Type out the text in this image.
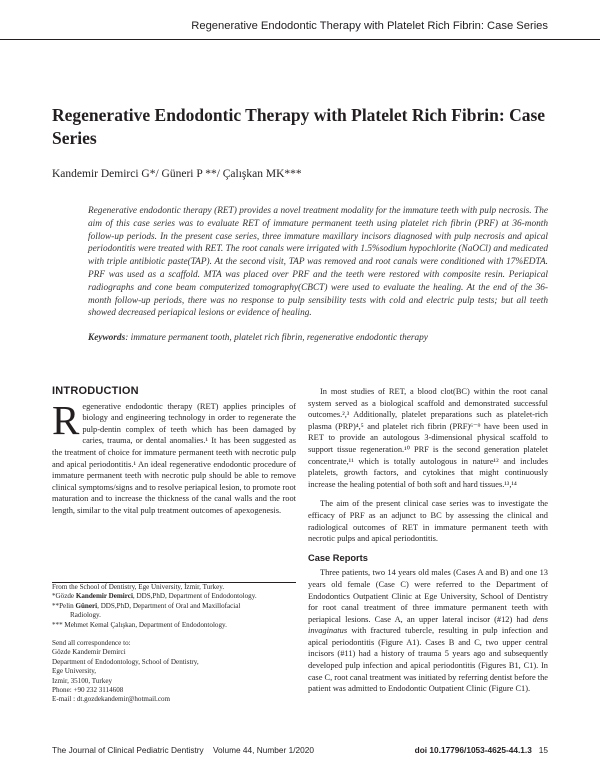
Regenerative Endodontic Therapy with Platelet Rich Fibrin: Case Series
Regenerative Endodontic Therapy with Platelet Rich Fibrin: Case Series
Kandemir Demirci G*/ Güneri P **/ Çalışkan MK***
Regenerative endodontic therapy (RET) provides a novel treatment modality for the immature teeth with pulp necrosis. The aim of this case series was to evaluate RET of immature permanent teeth using platelet rich fibrin (PRF) at 36-month follow-up periods. In the present case series, three immature maxillary incisors diagnosed with pulp necrosis and apical periodontitis were treated with RET. The root canals were irrigated with 1.5%sodium hypochlorite (NaOCl) and medicated with triple antibiotic paste(TAP). At the second visit, TAP was removed and root canals were conditioned with 17%EDTA. PRF was used as a scaffold. MTA was placed over PRF and the teeth were restored with composite resin. Periapical radiographs and cone beam computerized tomography(CBCT) were used to evaluate the healing. At the end of the 36-month follow-up periods, there was no response to pulp sensibility tests with cold and electric pulp tests; but all teeth showed decreased periapical lesions or evidence of healing.
Keywords: immature permanent tooth, platelet rich fibrin, regenerative endodontic therapy
INTRODUCTION

Regenerative endodontic therapy (RET) applies principles of biology and engineering technology in order to regenerate the pulp-dentin complex of teeth which has been damaged by caries, trauma, or dental anomalies.¹ It has been suggested as the treatment of choice for immature permanent teeth with necrotic pulp and apical periodontitis.¹ An ideal regenerative endodontic procedure of immature permanent teeth with necrotic pulp should be able to remove clinical symptoms/signs and to resolve periapical lesion, to promote root maturation and to increase the thickness of the canal walls and the root length, similar to the vital pulp treatment outcomes of apexogenesis.

In most studies of RET, a blood clot(BC) within the root canal system served as a biological scaffold and demonstrated successful outcomes.²,³ Additionally, platelet preparations such as platelet-rich plasma (PRP)⁴,⁵ and platelet rich fibrin (PRF)⁶⁻⁹ have been used in RET to provide an autologous 3-dimensional physical scaffold to support tissue regeneration.¹⁰ PRF is the second generation platelet concentrate,¹¹ which is totally autologous in nature¹² and includes platelets, growth factors, and cytokines that might continuously increase the healing potential of both soft and hard tissues.¹³,¹⁴

The aim of the present clinical case series was to investigate the efficacy of PRF as an adjunct to BC by assessing the clinical and radiological outcomes of RET in immature permanent teeth with necrotic pulps and apical periodontitis.

Case Reports

Three patients, two 14 years old males (Cases A and B) and one 13 years old female (Case C) were referred to the Department of Endodontics Outpatient Clinic at Ege University, School of Dentistry for root canal treatment of three immature permanent teeth with periapical lesions. Case A, an upper lateral incisor (#12) had dens invaginatus with fractured tubercle, resulting in pulp infection and apical periodontitis (Figure A1). Cases B and C, two upper central incisors (#11) had a history of trauma 5 years ago and subsequently developed pulp infection and apical periodontitis (Figures B1, C1). In case C, root canal treatment was initiated by referring dentist before the patient was admitted to Endodontic Outpatient Clinic (Figure C1).

From the School of Dentistry, Ege University, İzmir, Turkey.
*Gözde Kandemir Demirci, DDS,PhD, Department of Endodontology.
**Pelin Güneri, DDS,PhD, Department of Oral and Maxillofacial
Radiology.
*** Mehmet Kemal Çalışkan, Department of Endodontology.
Send all correspondence to:
Gözde Kandemir Demirci
Department of Endodontology, School of Dentistry,
Ege University,
Izmir, 35100, Turkey
Phone: +90 232 3114608
E-mail : dt.gozdekandemir@hotmail.com
The Journal of Clinical Pediatric Dentistry Volume 44, Number 1/2020	doi 10.17796/1053-4625-44.1.3 15
